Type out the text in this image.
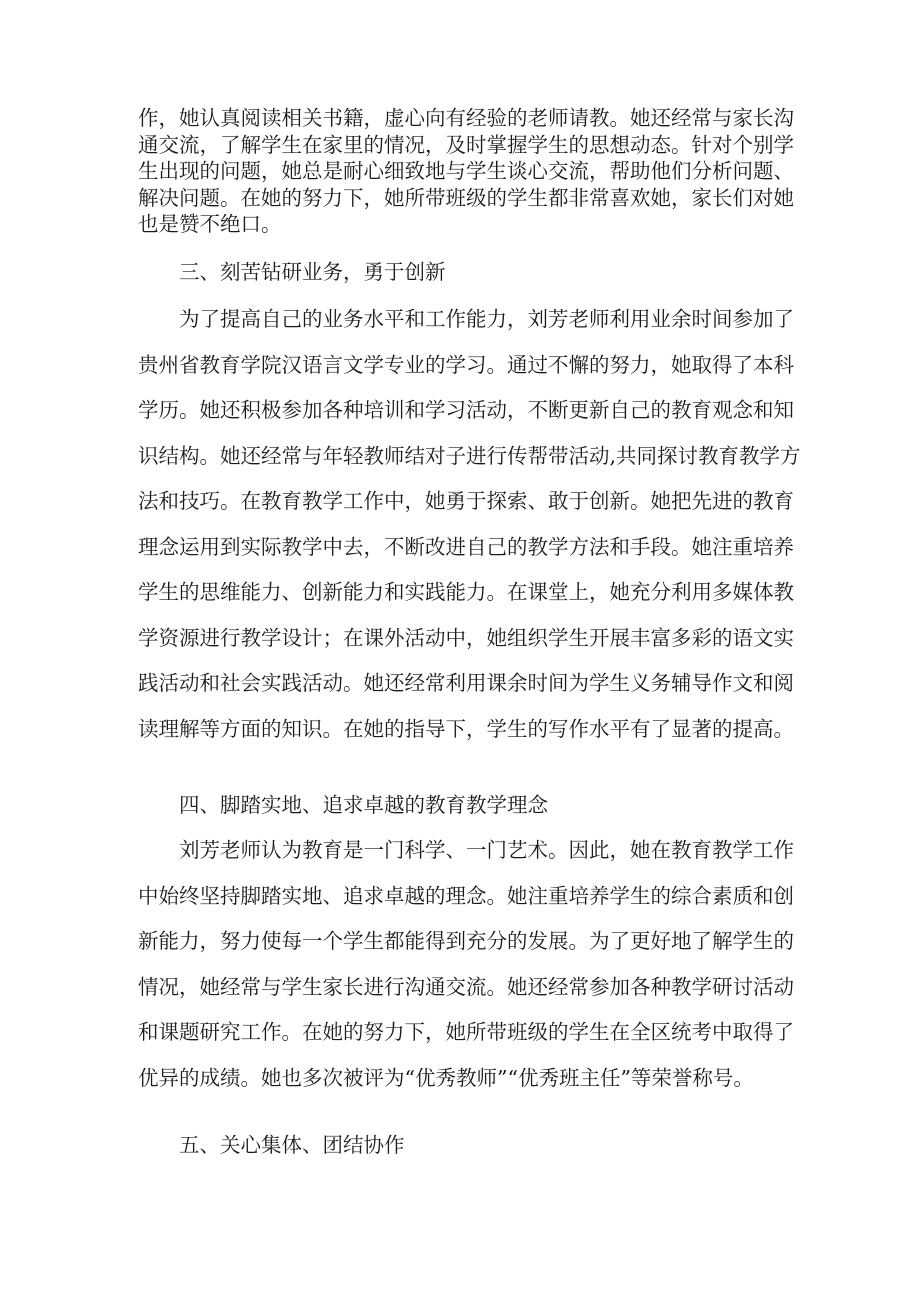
作，她认真阅读相关书籍，虚心向有经验的老师请教。她还经常与家长沟
通交流，了解学生在家里的情况，及时掌握学生的思想动态。针对个别学
生出现的问题，她总是耐心细致地与学生谈心交流，帮助他们分析问题、
解决问题。在她的努力下，她所带班级的学生都非常喜欢她，家长们对她
也是赞不绝口。
三、刻苦钻研业务，勇于创新
为了提高自己的业务水平和工作能力，刘芳老师利用业余时间参加了
贵州省教育学院汉语言文学专业的学习。通过不懈的努力，她取得了本科
学历。她还积极参加各种培训和学习活动，不断更新自己的教育观念和知
识结构。她还经常与年轻教师结对子进行传帮带活动,共同探讨教育教学方
法和技巧。在教育教学工作中，她勇于探索、敢于创新。她把先进的教育
理念运用到实际教学中去，不断改进自己的教学方法和手段。她注重培养
学生的思维能力、创新能力和实践能力。在课堂上，她充分利用多媒体教
学资源进行教学设计；在课外活动中，她组织学生开展丰富多彩的语文实
践活动和社会实践活动。她还经常利用课余时间为学生义务辅导作文和阅
读理解等方面的知识。在她的指导下，学生的写作水平有了显著的提高。
四、脚踏实地、追求卓越的教育教学理念
刘芳老师认为教育是一门科学、一门艺术。因此，她在教育教学工作
中始终坚持脚踏实地、追求卓越的理念。她注重培养学生的综合素质和创
新能力，努力使每一个学生都能得到充分的发展。为了更好地了解学生的
情况，她经常与学生家长进行沟通交流。她还经常参加各种教学研讨活动
和课题研究工作。在她的努力下，她所带班级的学生在全区统考中取得了
优异的成绩。她也多次被评为“优秀教师”“优秀班主任”等荣誉称号。
五、关心集体、团结协作
